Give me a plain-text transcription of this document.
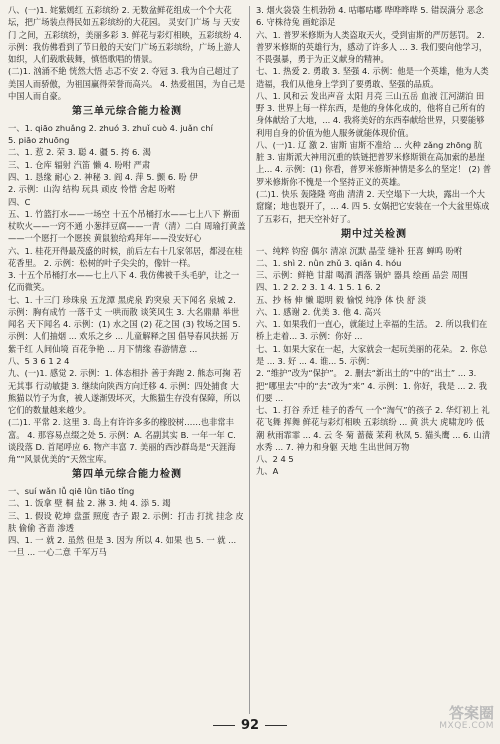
八、(一)1. 姹紫嫣红 五彩缤纷 2. 无数盆鲜花组成一个个大花坛，把广场装点得民如五彩缤纷的大花园。 灵安门广场 与 天安门 之间，五彩缤纷，美丽多彩 3. 鲜花与彩灯相映，五彩缤纷 4. 示例：我仿佛看到了节日般的天安门广场五彩缤纷，广场上游人如织，人们载歌载舞，慎悟歌唱的情景。
(二)1. 汹涌不絶 恍然大悟 忐忑不安 2. 夺冠 3. 我为自己超过了美国人而骄傲，为祖国赢得荣誉而高兴。 4. 热爱祖国，为自己是中国人而自豪。
第三单元综合能力检测
一、1. qiāo zhuǎng 2. zhuó 3. zhuǐ cuò 4. juǎn chí
5. piāo zhuōng
二、1. 惹 2. 荣 3. 聪 4. 疆 5. 挎 6. 渴
三、1. 仓库 辐射 汽笛 懒 4. 吩咐 严肃
四、1. 恳缘 耐心 2. 神秘 3. 阎 4. 萍 5. 颤 6. 吩 伊
2. 示例：山沟 结构 玩具 顽皮 怜惜 舍起 吩咐
四、C
五、1. 竹篮打水——一场空 十五个吊桶打水——七上八下 擀面杖吹火——一窍不通 小葱拌豆腐——一青（清）二白 周瑜打黄盖——一个愿打一个愿挨 黄鼠狼给鸡拜年——没安好心
六、1. 桂花开得最茂盛的时候，前后左右十几家邻居，都浸在桂花香里。 2. 示例：松树的叶子尖尖的，像针一样。
3. 十五个吊桶打水——七上八下 4. 我仿佛被千头毛驴，让之一亿而微笑。
七、1. 十三门 珍珠泉 五龙潭 黑虎泉 趵突泉 天下闻名 泉城 2. 示例：胸有成竹 一落千丈 一哄而散 谈笑风生 3. 大名鼎鼎 举世闻名 天下闻名 4. 示例：(1) 水之国 (2) 花之国 (3) 牧场之国 5. 示例：人们抽烟 ... 欢乐之乡 ... 儿童解释之国 倡导春风扶摇 万紫千红 人间仙境 百花争艳 ... 月下情缘 春游情意 ...
八、5 3 6 1 2 4
九、(一)1. 感觉 2. 示例：1. 体态相扑 善于奔跑 2. 熊态可掬 若无其事 行动敏捷 3. 继续向陕西方向迁移 4. 示例：四处捕食 大熊猫以竹子为食，被人遂渐毁坏灭，大熊猫生存没有保障，所以它们的数量越来越少。
(二)1. 平常 2. 这里 3. 岛上有许许多多的橡胶树……也非常丰富。 4. 那容易点缀之处 5. 示例：A. 名副其实 B. 一年一年 C. 谈段落 D. 首尾呼应 6. 物产丰富 7. 美丽的西沙群岛是“天涯海角”"风景优美的“天然宝库。
第四单元综合能力检测
一、suí wǎn lǚ qiē lǜn tiāo tǐng
二、1. 饭拿 壁 桐 盐 2. 淋 3. 炖 4. 添 5. 竭
三、1. 假设 乾坤 盘蛋 照度 杏子 跟 2. 示例：打击 打扰 挂念 皮肤 偷偷 吝啬 渗透
四、1. 一 就 2. 虽然 但是 3. 因为 所以 4. 如果 也 5. 一 就 ... 一旦 ... 一心二意 千军万马
3. 烟火袋袋 生机勃勃 4. 咕嘟咕嘟 哗哗哗哗 5. 错误满分 恶念 6. 守株待兔 画蛇添足
六、1. 普罗米修斯为人类盗取天火，受到宙斯的严厉惩罚。 2. 普罗米修斯的英雄行为，感动了许多人 ... 3. 我们要向他学习，不畏强暴，勇于为正义献身的精神。
七、1. 热爱 2. 勇敢 3. 坚强 4. 示例：他是一个英雄，他为人类造福，我们从他身上学到了要勇敢、坚强的品质。
八、1. 风和云 发出声音 太阳 月亮 三山五岳 血液 江河湖泊 田野 3. 世界上每一样东西，是他的身体化成的，他将自己所有的身体献给了大地，... 4. 我将美好的东西奉献给世界，只要能够利用自身的价值为他人服务就能体现价值。
八、(一)1. 辽 激 2. 宙斯 宙斯不准给 ... 火种 zǎng zhōng 肮 脏 3. 宙斯派大神用沉重的铁链把普罗米修斯锁在高加索的悬崖上... 4. 示例：(1) 你看，普罗米修斯神情是多么的坚定！ (2) 普罗米修斯你不愧是一个坚持正义的英雄。
(二)1. 快乐 轰隆隆 弯曲 清清 2. 天空塌下一大块，露出一个大窟窿；地也裂开了，... 4. 四 5. 女娲把它安装在一个大盆里炼成了五彩石，把天空补好了。
期中过关检测
一、纯粹 钧窑 偶尔 清凉 沉默 晶莹 缝补 狂喜 蝉鸣 吩咐
二、1. shì 2. nǜn zhǔ 3. qiǎn 4. hóu
三、示例：鲜艳 甘甜 喝酒 洒落 锅炉 器具 绘画 品尝 周围
四、1. 2 2. 2 3. 1 4. 1 5. 1 6. 2
五、抄 杨 伸 懒 聪明 毅 愉悦 纯净 体 快 舒 淡
六、1. 感谢 2. 优美 3. 他 4. 高兴
六、1. 如果我们一直心，就能过上幸福的生活。 2. 所以我们在桥上走着... 3. 示例：你好 ...
七、1. 如果大家在一起，大家就会一起玩美丽的花朵。 2. 你总是 ... 3. 好 ... 4. 谁... 5. 示例：
2. “维护”改为“保护”。 2. 删去“新出土的”中的“出土” ... 3. 把“哪里去”中的“去”改为“来” 4. 示例：1. 你好，我是 ... 2. 我们要 ...
七、1. 打谷 乔迁 桂子的香气 一个“淘气”的孩子 2. 华灯初上 礼花飞舞 挥舞 鲜花与彩灯相映 五彩缤纷 ... 黄 洪大 虎啸龙吟 低潮 秋雨霏霏 ... 4. 云 冬 菊 蔷薇 茉莉 秋凤 5. 猫头鹰 ... 6. 山清水秀 ... 7. 神力和身躯 天地 生出世间万物
八、2 4 5
九、A
92
答案圈
MXQE.COM
